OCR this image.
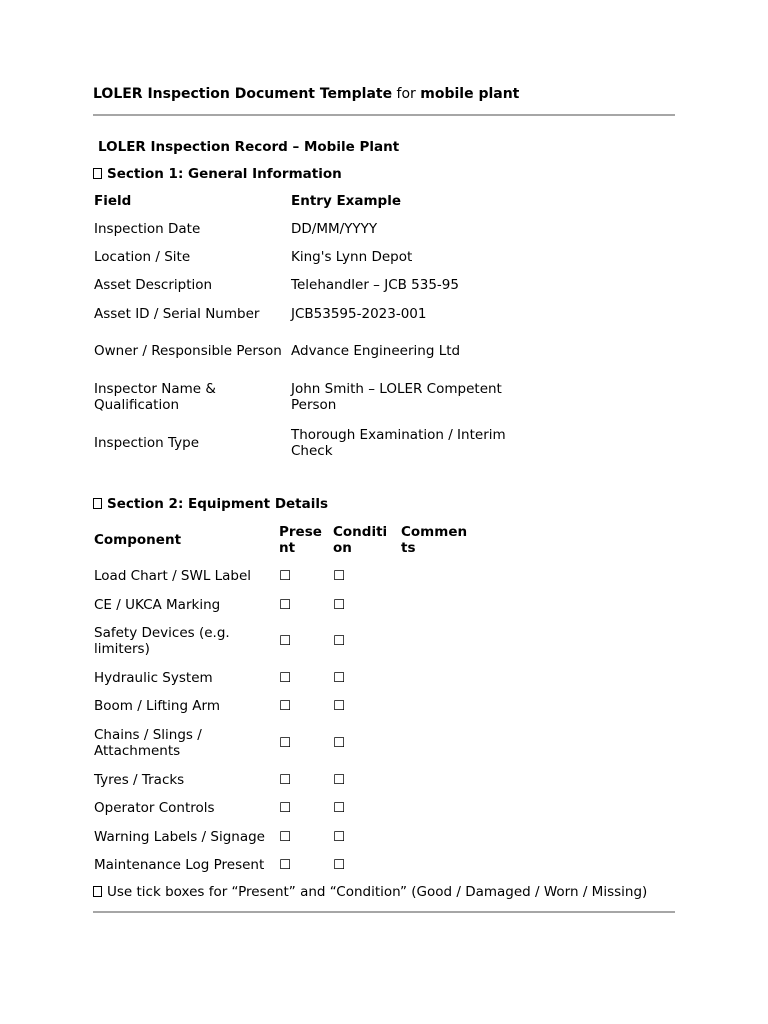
LOLER Inspection Document Template for mobile plant
LOLER Inspection Record – Mobile Plant
Section 1: General Information
Field	Entry Example
Inspection Date	DD/MM/YYYY
Location / Site	King's Lynn Depot
Asset Description	Telehandler – JCB 535-95
Asset ID / Serial Number	JCB53595-2023-001
Owner / Responsible Person	Advance Engineering Ltd
Inspector Name & Qualification	John Smith – LOLER Competent Person
Inspection Type	Thorough Examination / Interim Check
Section 2: Equipment Details
Component	Prese nt	Conditi on	Commen ts
Load Chart / SWL Label	☐	☐	
CE / UKCA Marking	☐	☐	
Safety Devices (e.g. limiters)	☐	☐	
Hydraulic System	☐	☐	
Boom / Lifting Arm	☐	☐	
Chains / Slings / Attachments	☐	☐	
Tyres / Tracks	☐	☐	
Operator Controls	☐	☐	
Warning Labels / Signage	☐	☐	
Maintenance Log Present	☐	☐	
Use tick boxes for “Present” and “Condition” (Good / Damaged / Worn / Missing)
